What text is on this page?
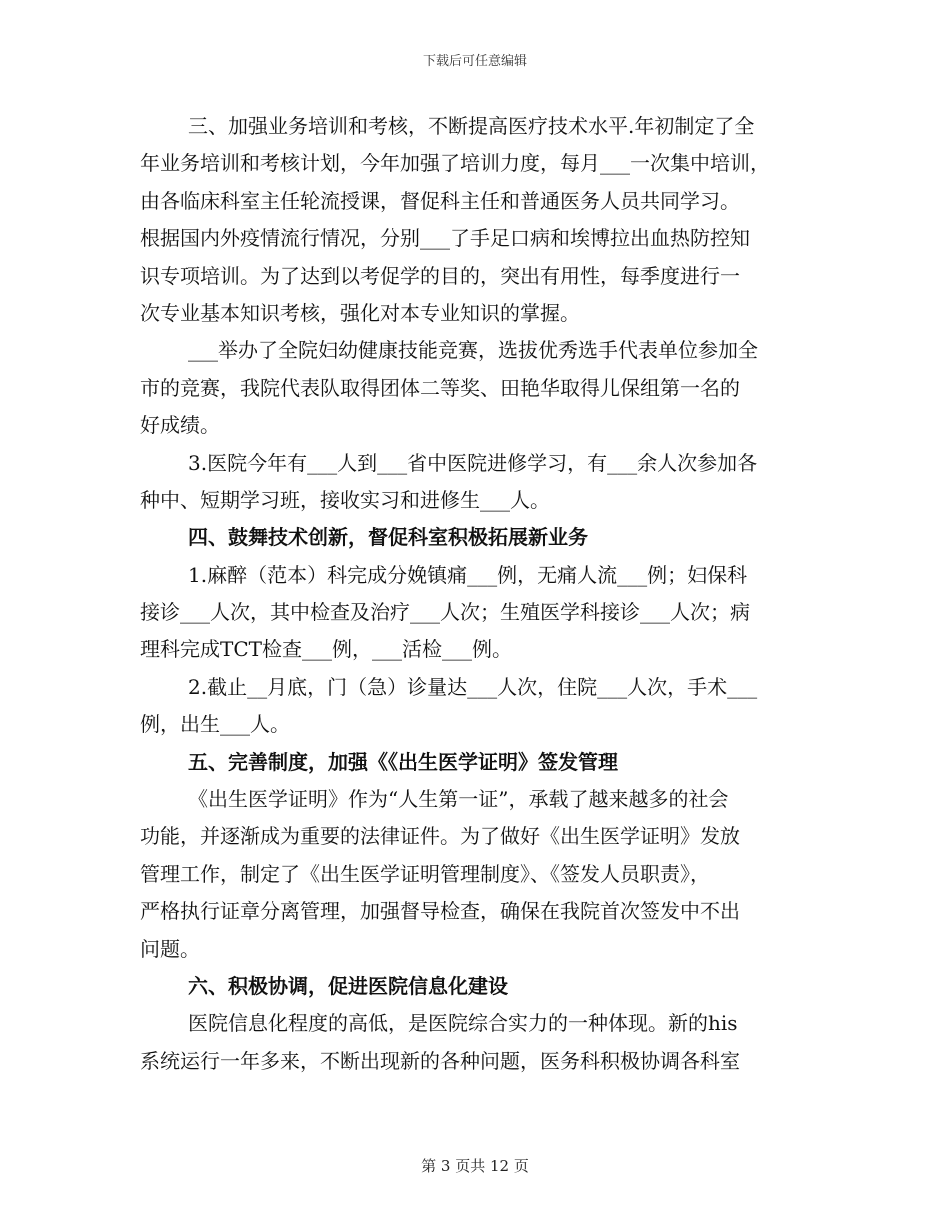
下载后可任意编辑
三、加强业务培训和考核，不断提高医疗技术水平.年初制定了全
年业务培训和考核计划，今年加强了培训力度，每月___一次集中培训，
由各临床科室主任轮流授课，督促科主任和普通医务人员共同学习。
根据国内外疫情流行情况，分别___了手足口病和埃博拉出血热防控知
识专项培训。为了达到以考促学的目的，突出有用性，每季度进行一
次专业基本知识考核，强化对本专业知识的掌握。
___举办了全院妇幼健康技能竞赛，选拔优秀选手代表单位参加全
市的竞赛，我院代表队取得团体二等奖、田艳华取得儿保组第一名的
好成绩。
3.医院今年有___人到___省中医院进修学习，有___余人次参加各
种中、短期学习班，接收实习和进修生___人。
四、鼓舞技术创新，督促科室积极拓展新业务
1.麻醉（范本）科完成分娩镇痛___例，无痛人流___例；妇保科
接诊___人次，其中检查及治疗___人次；生殖医学科接诊___人次；病
理科完成TCT检查___例，___活检___例。
2.截止__月底，门（急）诊量达___人次，住院___人次，手术___
例，出生___人。
五、完善制度，加强《《出生医学证明》签发管理
《出生医学证明》作为“人生第一证”，承载了越来越多的社会
功能，并逐渐成为重要的法律证件。为了做好《出生医学证明》发放
管理工作，制定了《出生医学证明管理制度》、《签发人员职责》，
严格执行证章分离管理，加强督导检查，确保在我院首次签发中不出
问题。
六、积极协调，促进医院信息化建设
医院信息化程度的高低，是医院综合实力的一种体现。新的his
系统运行一年多来，不断出现新的各种问题，医务科积极协调各科室
第 3 页共 12 页
